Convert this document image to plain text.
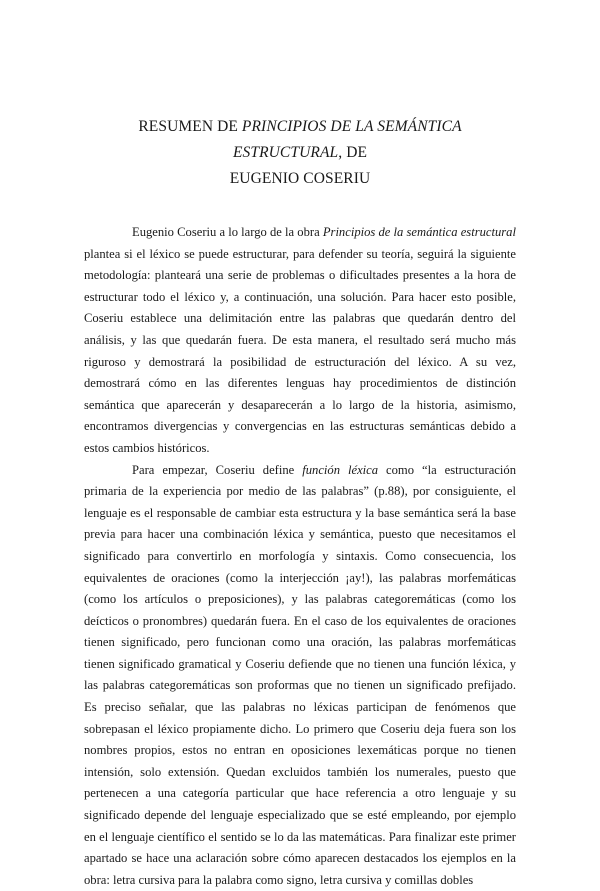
RESUMEN DE PRINCIPIOS DE LA SEMÁNTICA ESTRUCTURAL, DE
EUGENIO COSERIU

Eugenio Coseriu a lo largo de la obra Principios de la semántica estructural plantea si el léxico se puede estructurar, para defender su teoría, seguirá la siguiente metodología: planteará una serie de problemas o dificultades presentes a la hora de estructurar todo el léxico y, a continuación, una solución. Para hacer esto posible, Coseriu establece una delimitación entre las palabras que quedarán dentro del análisis, y las que quedarán fuera. De esta manera, el resultado será mucho más riguroso y demostrará la posibilidad de estructuración del léxico. A su vez, demostrará cómo en las diferentes lenguas hay procedimientos de distinción semántica que aparecerán y desaparecerán a lo largo de la historia, asimismo, encontramos divergencias y convergencias en las estructuras semánticas debido a estos cambios históricos.

Para empezar, Coseriu define función léxica como “la estructuración primaria de la experiencia por medio de las palabras” (p.88), por consiguiente, el lenguaje es el responsable de cambiar esta estructura y la base semántica será la base previa para hacer una combinación léxica y semántica, puesto que necesitamos el significado para convertirlo en morfología y sintaxis. Como consecuencia, los equivalentes de oraciones (como la interjección ¡ay!), las palabras morfemáticas (como los artículos o preposiciones), y las palabras categoremáticas (como los deícticos o pronombres) quedarán fuera. En el caso de los equivalentes de oraciones tienen significado, pero funcionan como una oración, las palabras morfemáticas tienen significado gramatical y Coseriu defiende que no tienen una función léxica, y las palabras categoremáticas son proformas que no tienen un significado prefijado. Es preciso señalar, que las palabras no léxicas participan de fenómenos que sobrepasan el léxico propiamente dicho. Lo primero que Coseriu deja fuera son los nombres propios, estos no entran en oposiciones lexemáticas porque no tienen intensión, solo extensión. Quedan excluidos también los numerales, puesto que pertenecen a una categoría particular que hace referencia a otro lenguaje y su significado depende del lenguaje especializado que se esté empleando, por ejemplo en el lenguaje científico el sentido se lo da las matemáticas. Para finalizar este primer apartado se hace una aclaración sobre cómo aparecen destacados los ejemplos en la obra: letra cursiva para la palabra como signo, letra cursiva y comillas dobles
